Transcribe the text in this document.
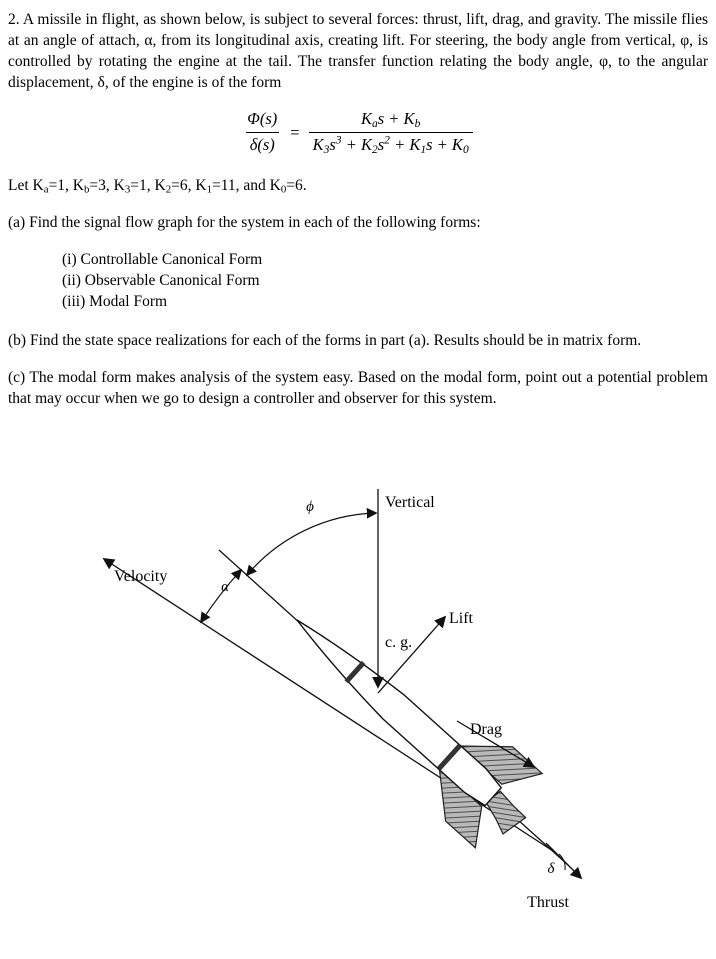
2. A missile in flight, as shown below, is subject to several forces: thrust, lift, drag, and gravity. The missile flies at an angle of attach, α, from its longitudinal axis, creating lift. For steering, the body angle from vertical, φ, is controlled by rotating the engine at the tail. The transfer function relating the body angle, φ, to the angular displacement, δ, of the engine is of the form

$\frac{\Phi(s)}{\delta(s)} = \frac{K_as + K_b}{K_3s^3 + K_2s^2 + K_1s + K_0}$

Let $K_a=1$, $K_b=3$, $K_3=1$, $K_2=6$, $K_1=11$, and $K_0=6$.

(a) Find the signal flow graph for the system in each of the following forms:

(i) Controllable Canonical Form
(ii) Observable Canonical Form
(iii) Modal Form

(b) Find the state space realizations for each of the forms in part (a). Results should be in matrix form.

(c) The modal form makes analysis of the system easy. Based on the modal form, point out a potential problem that may occur when we go to design a controller and observer for this system.

Vertical
Velocity
Lift
c. g.
Drag
Thrust
ϕ
α
δ
